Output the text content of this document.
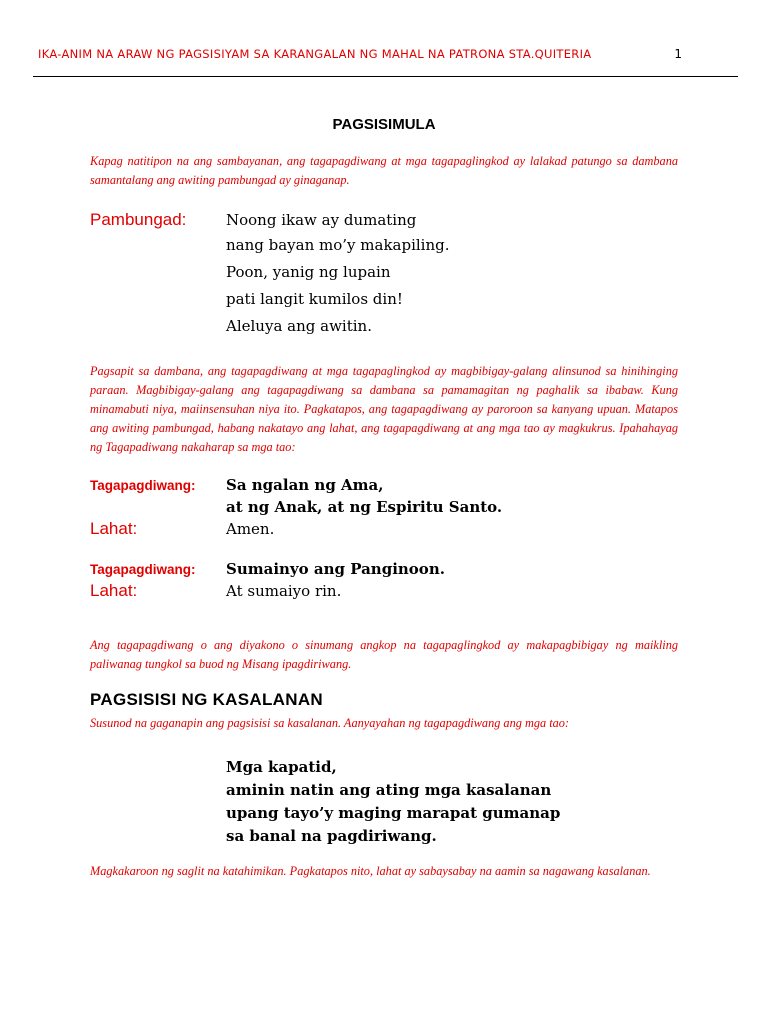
IKA-ANIM NA ARAW NG PAGSISIYAM SA KARANGALAN NG MAHAL NA PATRONA STA.QUITERIA	1
PAGSISIMULA
Kapag natitipon na ang sambayanan, ang tagapagdiwang at mga tagapaglingkod ay lalakad patungo sa dambana samantalang ang awiting pambungad ay ginaganap.
Pambungad:	Noong ikaw ay dumating
nang bayan mo’y makapiling.
Poon, yanig ng lupain
pati langit kumilos din!
Aleluya ang awitin.
Pagsapit sa dambana, ang tagapagdiwang at mga tagapaglingkod ay magbibigay-galang alinsunod sa hinihinging paraan. Magbibigay-galang ang tagapagdiwang sa dambana sa pamamagitan ng paghalik sa ibabaw. Kung minamabuti niya, maiinsensuhan niya ito. Pagkatapos, ang tagapagdiwang ay paroroon sa kanyang upuan. Matapos ang awiting pambungad, habang nakatayo ang lahat, ang tagapagdiwang at ang mga tao ay magkukrus. Ipahahayag ng Tagapadiwang nakaharap sa mga tao:
Tagapagdiwang: Sa ngalan ng Ama,
at ng Anak, at ng Espiritu Santo.
Lahat:	Amen.
Tagapagdiwang: Sumainyo ang Panginoon.
Lahat:	At sumaiyo rin.
Ang tagapagdiwang o ang diyakono o sinumang angkop na tagapaglingkod ay makapagbibigay ng maikling paliwanag tungkol sa buod ng Misang ipagdiriwang.
PAGSISISI NG KASALANAN
Susunod na gaganapin ang pagsisisi sa kasalanan. Aanyayahan ng tagapagdiwang ang mga tao:
Mga kapatid,
aminin natin ang ating mga kasalanan
upang tayo’y maging marapat gumanap
sa banal na pagdiriwang.
Magkakaroon ng saglit na katahimikan. Pagkatapos nito, lahat ay sabaysabay na aamin sa nagawang kasalanan.
